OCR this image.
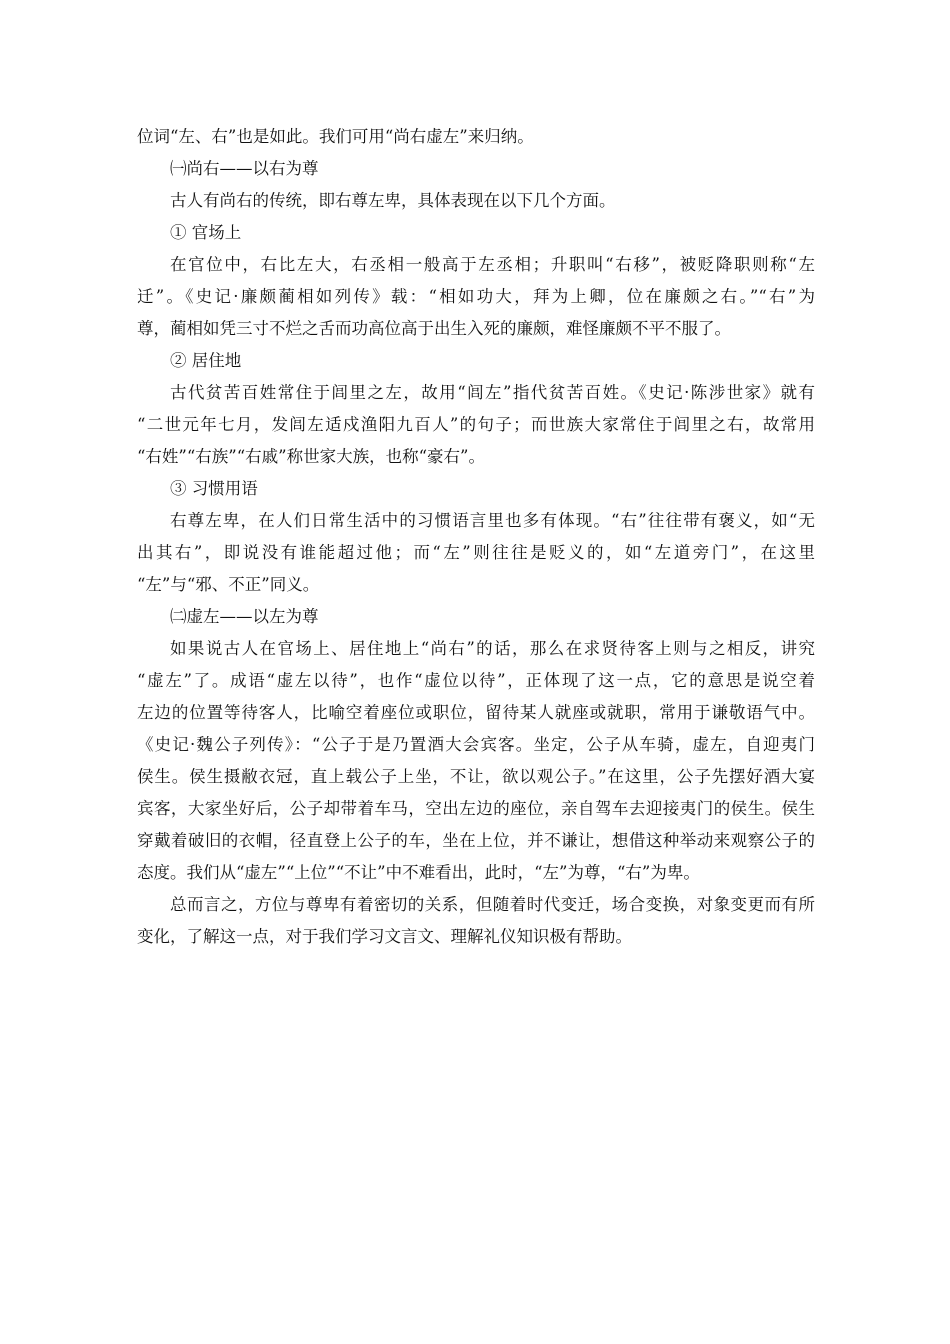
位词“左、右”也是如此。我们可用“尚右虚左”来归纳。

㈠尚右——以右为尊

古人有尚右的传统，即右尊左卑，具体表现在以下几个方面。

① 官场上

在官位中，右比左大，右丞相一般高于左丞相；升职叫“右移”，被贬降职则称“左

迁”。《史记·廉颇蔺相如列传》载：“相如功大，拜为上卿，位在廉颇之右。”“右”为

尊，蔺相如凭三寸不烂之舌而功高位高于出生入死的廉颇，难怪廉颇不平不服了。

② 居住地

古代贫苦百姓常住于闾里之左，故用“闾左”指代贫苦百姓。《史记·陈涉世家》就有

“二世元年七月，发闾左适戍渔阳九百人”的句子；而世族大家常住于闾里之右，故常用

“右姓”“右族”“右戚”称世家大族，也称“豪右”。

③ 习惯用语

右尊左卑，在人们日常生活中的习惯语言里也多有体现。“右”往往带有褒义，如“无

出其右”，即说没有谁能超过他；而“左”则往往是贬义的，如“左道旁门”，在这里

“左”与“邪、不正”同义。

㈡虚左——以左为尊

如果说古人在官场上、居住地上“尚右”的话，那么在求贤待客上则与之相反，讲究

“虚左”了。成语“虚左以待”，也作“虚位以待”，正体现了这一点，它的意思是说空着

左边的位置等待客人，比喻空着座位或职位，留待某人就座或就职，常用于谦敬语气中。

《史记·魏公子列传》：“公子于是乃置酒大会宾客。坐定，公子从车骑，虚左，自迎夷门

侯生。侯生摄敝衣冠，直上载公子上坐，不让，欲以观公子。”在这里，公子先摆好酒大宴

宾客，大家坐好后，公子却带着车马，空出左边的座位，亲自驾车去迎接夷门的侯生。侯生

穿戴着破旧的衣帽，径直登上公子的车，坐在上位，并不谦让，想借这种举动来观察公子的

态度。我们从“虚左”“上位”“不让”中不难看出，此时，“左”为尊，“右”为卑。

总而言之，方位与尊卑有着密切的关系，但随着时代变迁，场合变换，对象变更而有所

变化，了解这一点，对于我们学习文言文、理解礼仪知识极有帮助。
